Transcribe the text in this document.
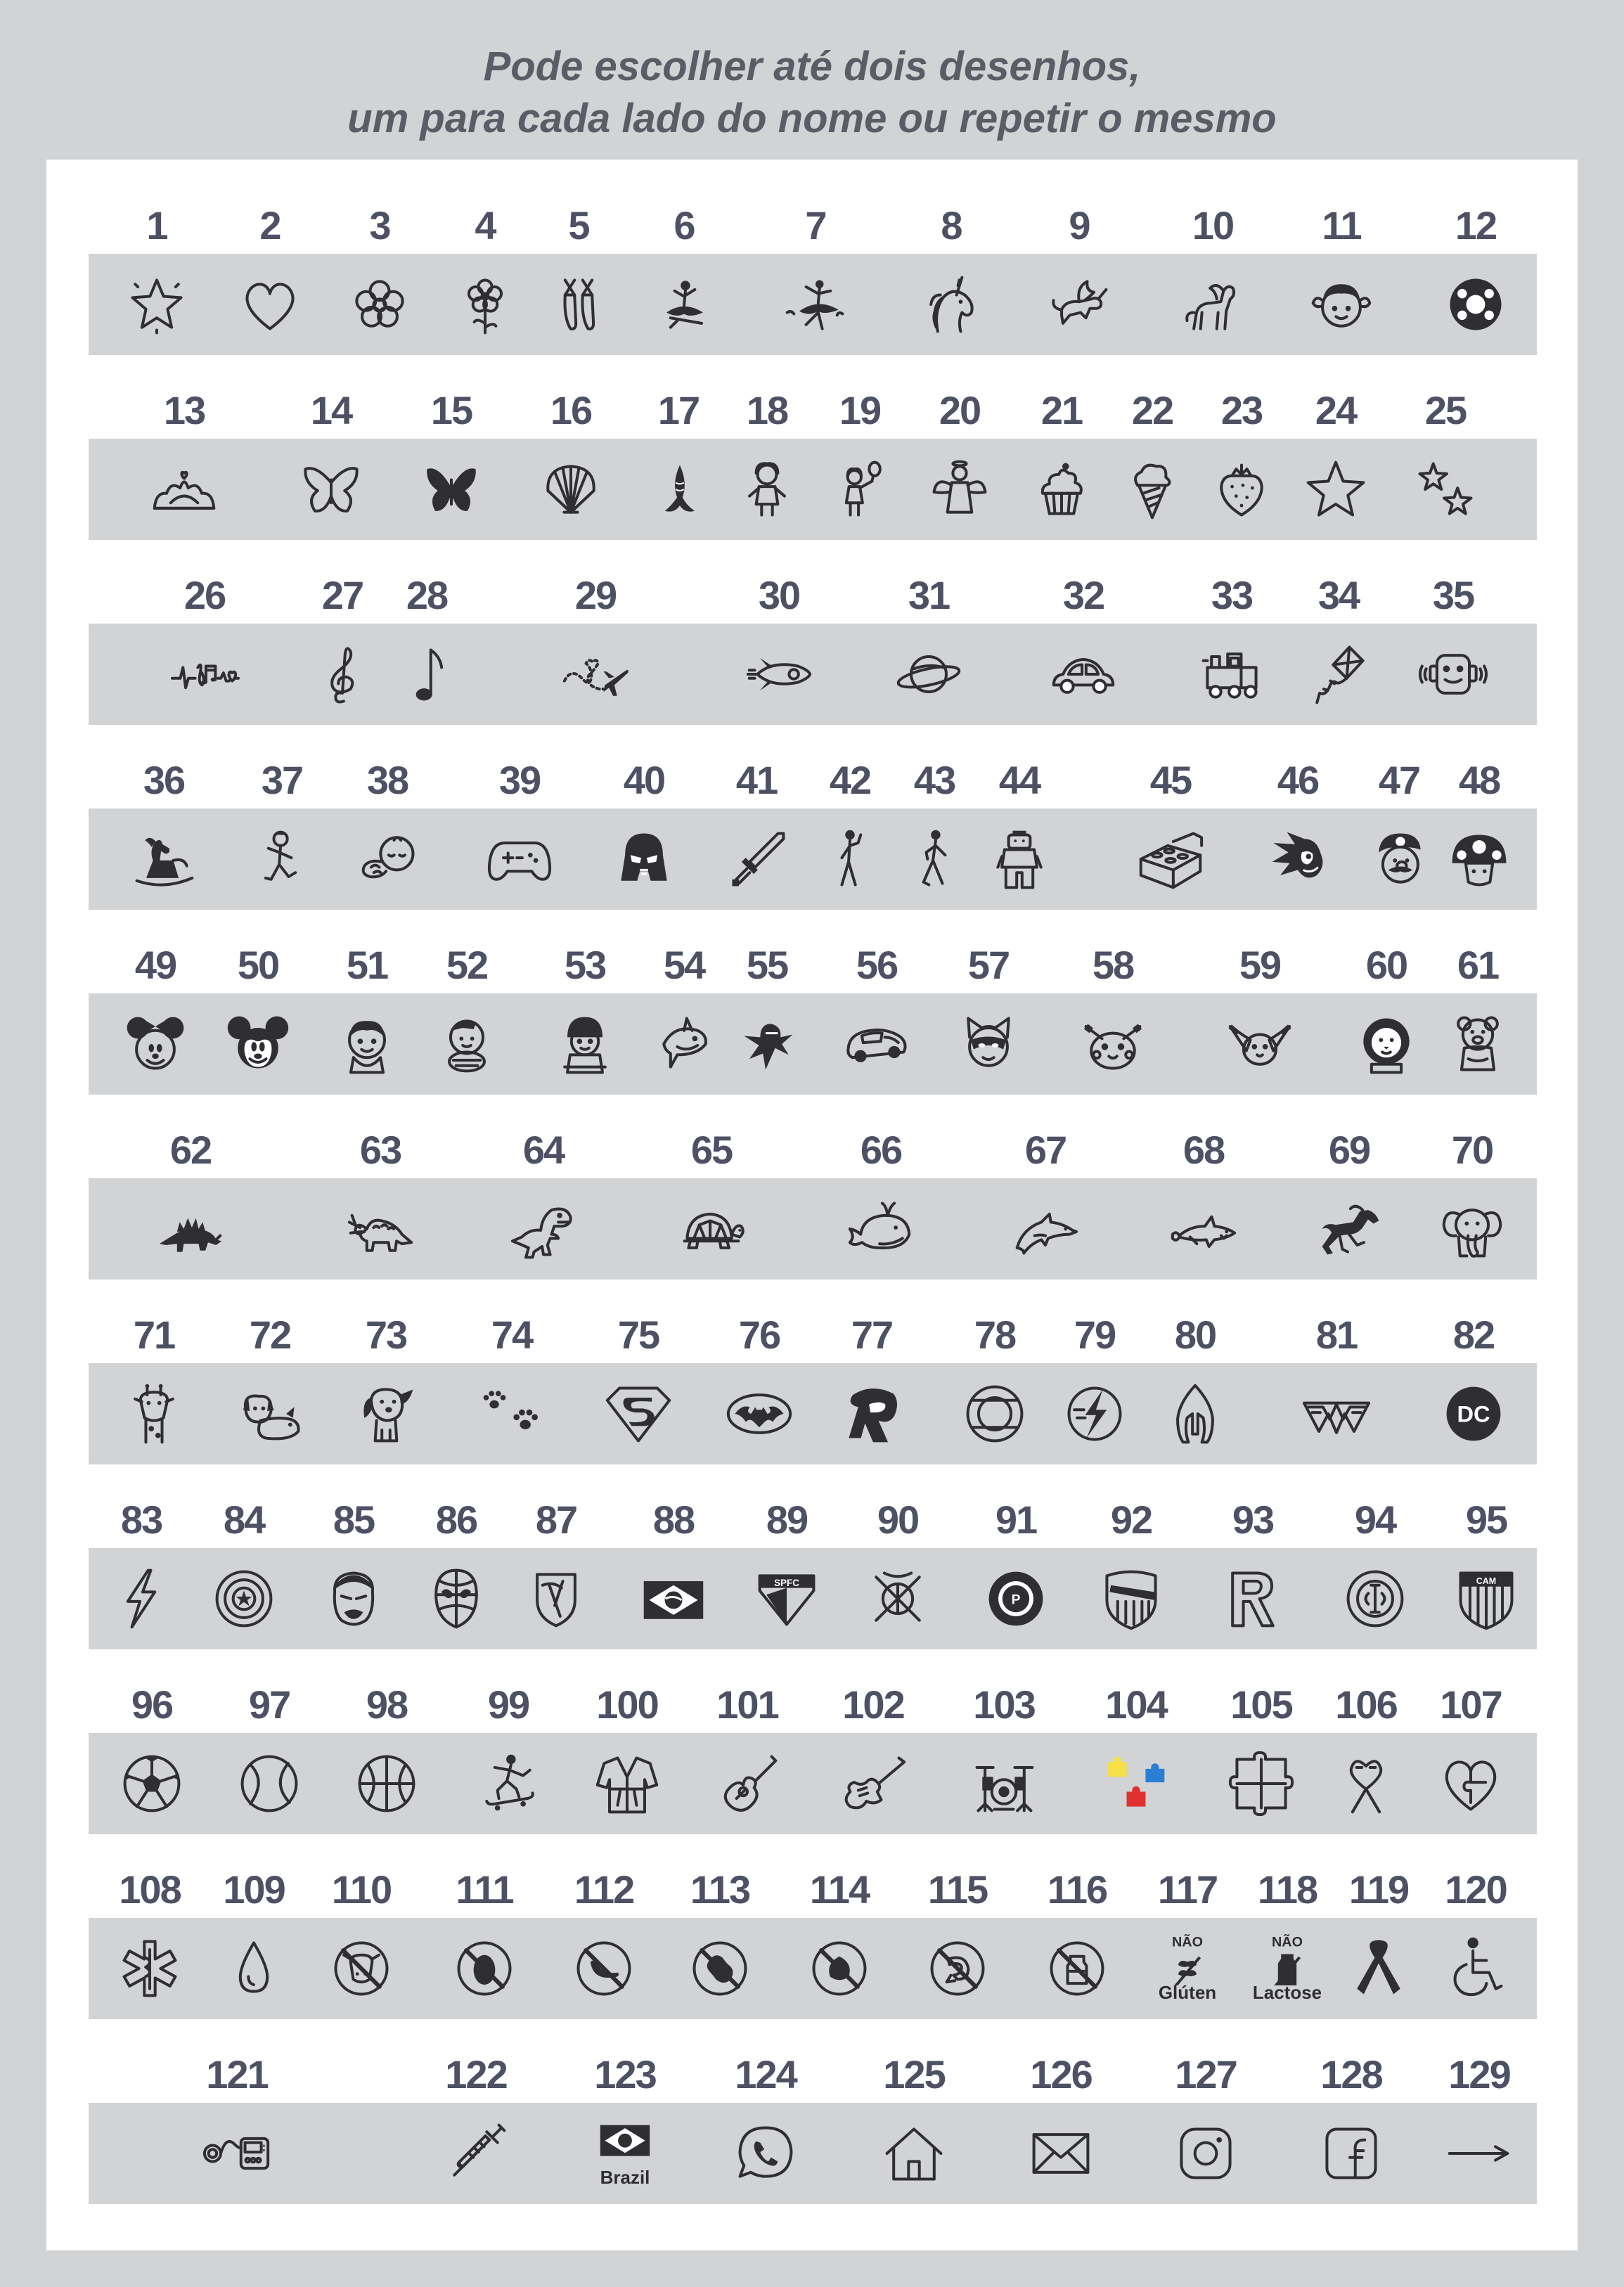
Pode escolher até dois desenhos,
um para cada lado do nome ou repetir o mesmo
1	2	3	4	5	6	7	8	9	10	11	12
13	14	15	16	17	18	19	20	21	22	23	24	25
26	27	28	29	30	31	32	33	34	35
36	37	38	39	40	41	42	43	44	45	46	47 48
49	50	51	52	53	54	55	56	57	58	59	60	61
62	63	64	65	66	67	68	69	70
71	72	73	74	75	76	77	78	79	80	81	82
DC
83	84	85	86	87	88	89
SPFC
90	91
P
92	93	94	95
CAM
96	97	98	99	100 101 102 103 104 105 106 107
108 109	110	111	112	113	114	115	116	117
NÃO
Glúten
118
NÃO
Lactose
119 120
121	122 123
Brazil
124 125 126 127 128 129
